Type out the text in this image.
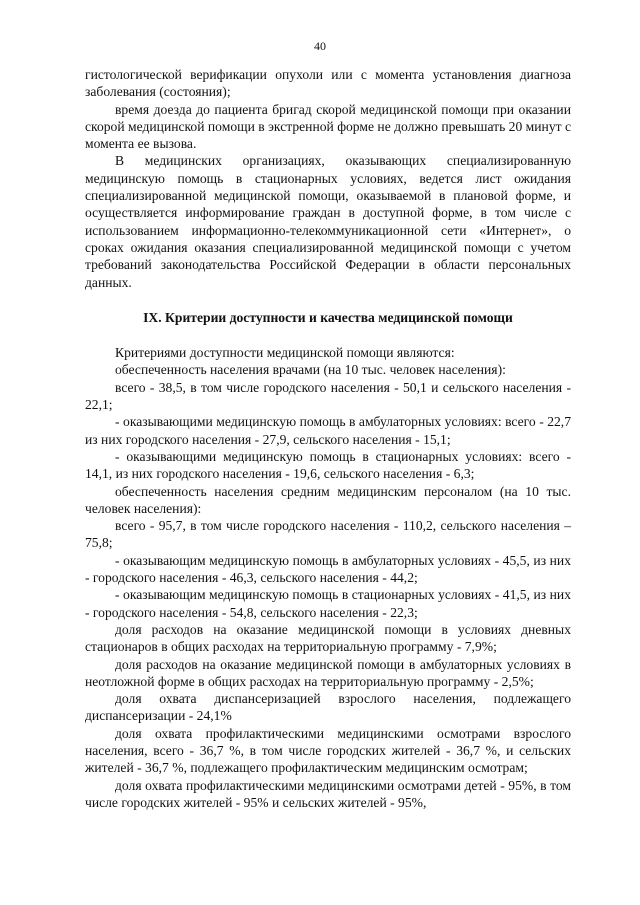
40

гистологической верификации опухоли или с момента установления диагноза заболевания (состояния);

время доезда до пациента бригад скорой медицинской помощи при оказании скорой медицинской помощи в экстренной форме не должно превышать 20 минут с момента ее вызова.

В медицинских организациях, оказывающих специализированную медицинскую помощь в стационарных условиях, ведется лист ожидания специализированной медицинской помощи, оказываемой в плановой форме, и осуществляется информирование граждан в доступной форме, в том числе с использованием информационно-телекоммуникационной сети «Интернет», о сроках ожидания оказания специализированной медицинской помощи с учетом требований законодательства Российской Федерации в области персональных данных.

IX. Критерии доступности и качества медицинской помощи

Критериями доступности медицинской помощи являются:

обеспеченность населения врачами (на 10 тыс. человек населения):

всего - 38,5, в том числе городского населения - 50,1 и сельского населения - 22,1;

- оказывающими медицинскую помощь в амбулаторных условиях: всего - 22,7 из них городского населения - 27,9, сельского населения - 15,1;

- оказывающими медицинскую помощь в стационарных условиях: всего - 14,1, из них городского населения - 19,6, сельского населения - 6,3;

обеспеченность населения средним медицинским персоналом (на 10 тыс. человек населения):

всего - 95,7, в том числе городского населения - 110,2, сельского населения – 75,8;

- оказывающим медицинскую помощь в амбулаторных условиях - 45,5, из них - городского населения - 46,3, сельского населения - 44,2;

- оказывающим медицинскую помощь в стационарных условиях - 41,5, из них - городского населения - 54,8, сельского населения - 22,3;

доля расходов на оказание медицинской помощи в условиях дневных стационаров в общих расходах на территориальную программу - 7,9%;

доля расходов на оказание медицинской помощи в амбулаторных условиях в неотложной форме в общих расходах на территориальную программу - 2,5%;

доля охвата диспансеризацией взрослого населения, подлежащего диспансеризации - 24,1%

доля охвата профилактическими медицинскими осмотрами взрослого населения, всего - 36,7 %, в том числе городских жителей - 36,7 %, и сельских жителей - 36,7 %, подлежащего профилактическим медицинским осмотрам;

доля охвата профилактическими медицинскими осмотрами детей - 95%, в том числе городских жителей - 95% и сельских жителей - 95%,
